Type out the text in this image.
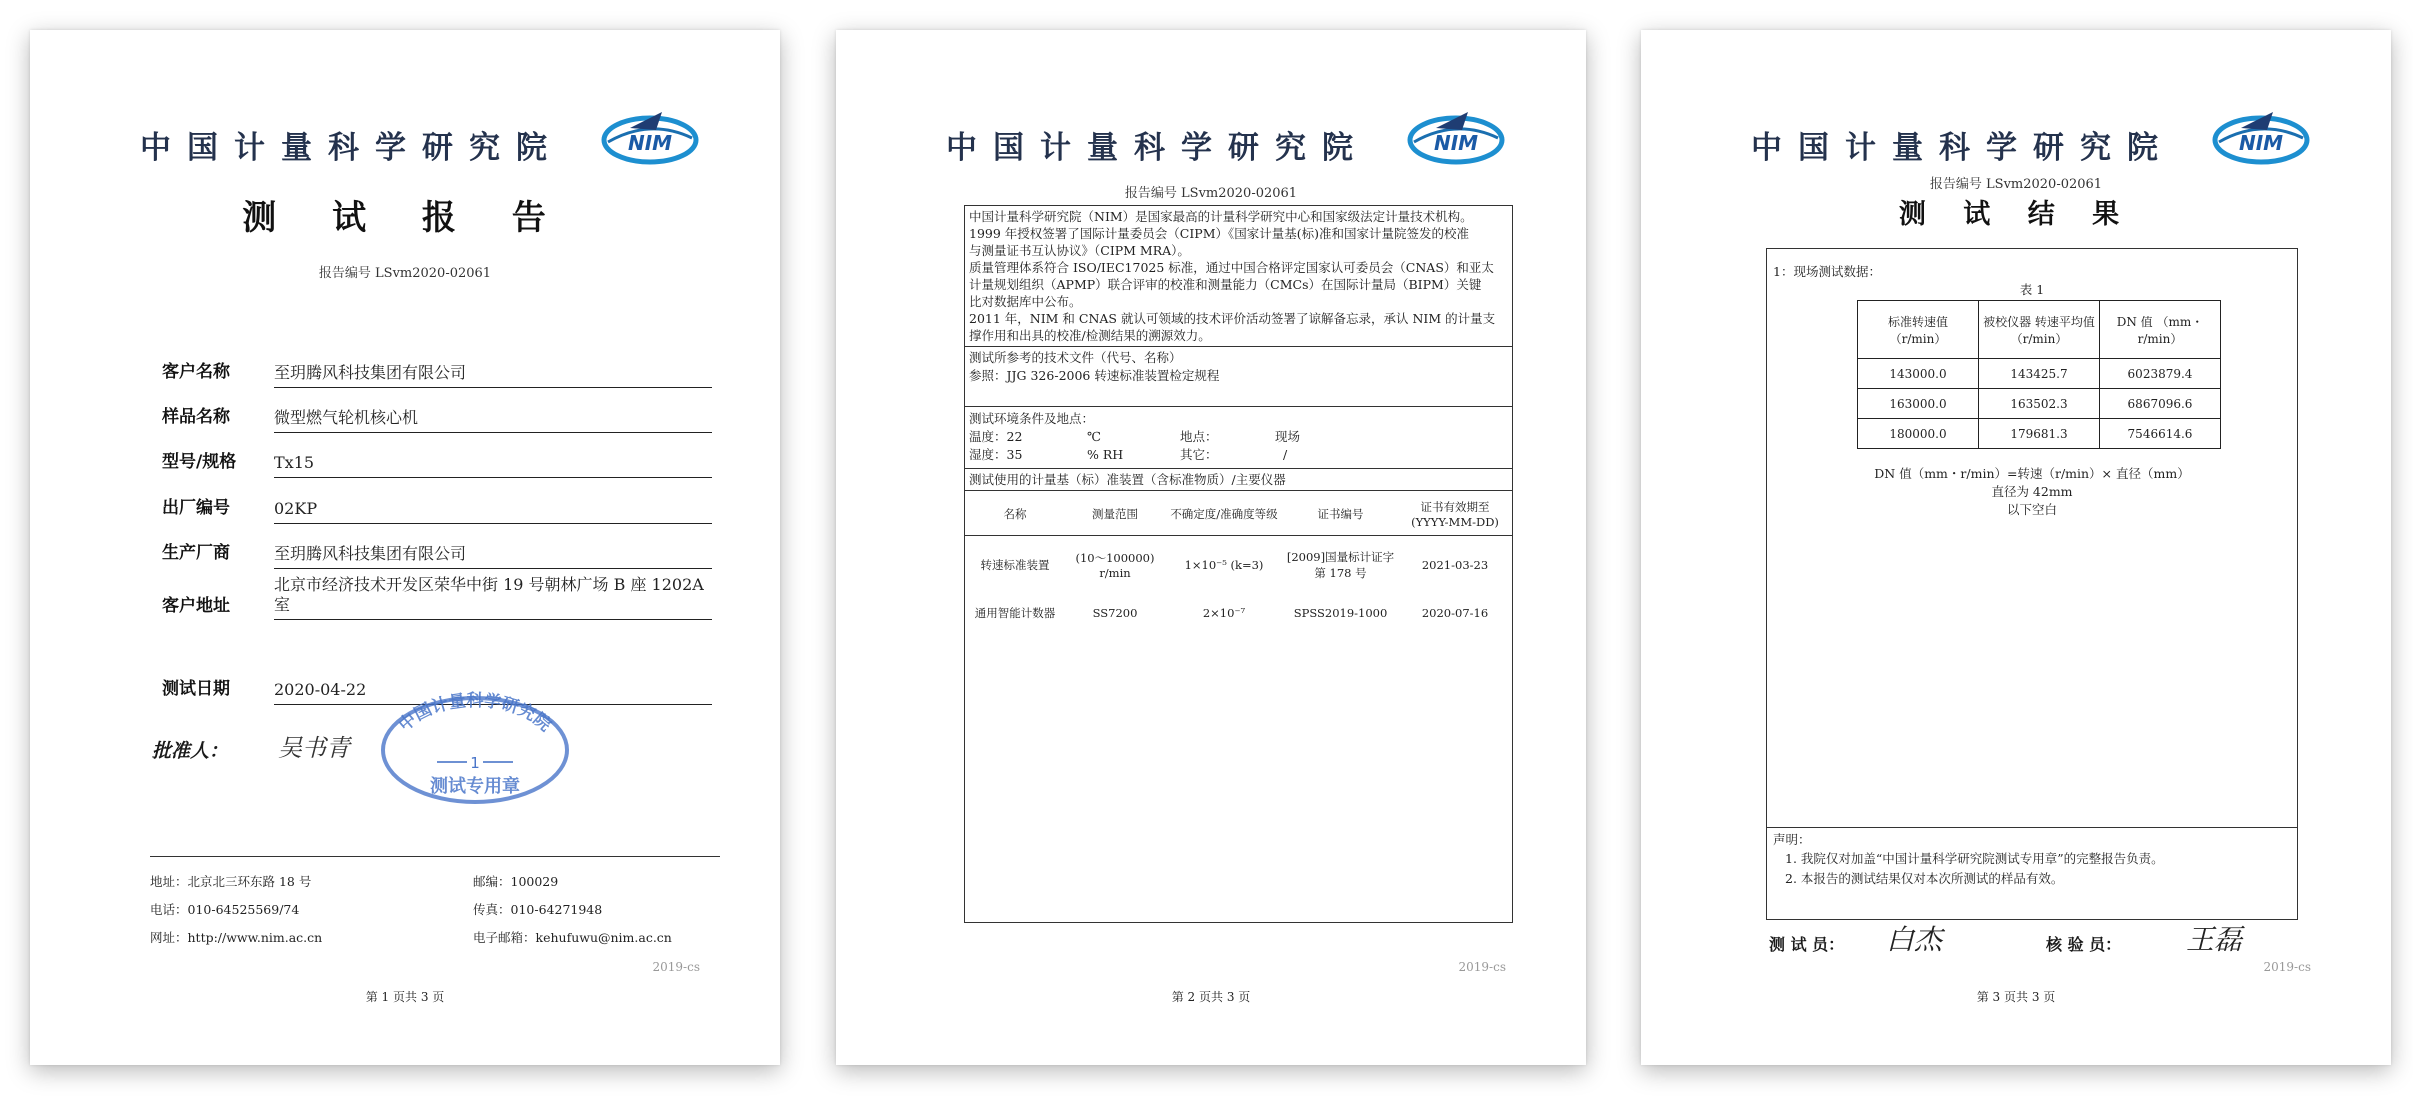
中国计量科学研究院	NIM
测 试 报 告
报告编号 LSvm2020-02061
客户名称	至玥腾风科技集团有限公司
样品名称	微型燃气轮机核心机
型号/规格	Tx15
出厂编号	02KP
生产厂商	至玥腾风科技集团有限公司
客户地址
北京市经济技术开发区荣华中街 19 号朝林广场 B 座 1202A 室
测试日期	2020-04-22
批准人： 吴书青
中国计量科学研究院
1
测试专用章
地址：北京北三环东路 18 号	邮编：100029
电话：010-64525569/74	传真：010-64271948
网址：http://www.nim.ac.cn	电子邮箱：kehufuwu@nim.ac.cn
2019-cs
第 1 页共 3 页
中国计量科学研究院	NIM
报告编号 LSvm2020-02061
中国计量科学研究院（NIM）是国家最高的计量科学研究中心和国家级法定计量技术机构。
1999 年授权签署了国际计量委员会（CIPM）《国家计量基(标)准和国家计量院签发的校准
与测量证书互认协议》（CIPM MRA）。
质量管理体系符合 ISO/IEC17025 标准，通过中国合格评定国家认可委员会（CNAS）和亚太
计量规划组织（APMP）联合评审的校准和测量能力（CMCs）在国际计量局（BIPM）关键
比对数据库中公布。
2011 年，NIM 和 CNAS 就认可领域的技术评价活动签署了谅解备忘录，承认 NIM 的计量支
撑作用和出具的校准/检测结果的溯源效力。
测试所参考的技术文件（代号、名称）
参照：JJG 326-2006 转速标准装置检定规程
测试环境条件及地点：
温度：22	℃	地点：	现场
湿度：35	% RH	其它：	/
测试使用的计量基（标）准装置（含标准物质）/主要仪器
名称	测量范围	不确定度/准确度等级	证书编号	证书有效期至 (YYYY-MM-DD)
转速标准装置	(10～100000) r/min	1×10⁻⁵ (k=3)	[2009]国量标计证字第 178 号	2021-03-23
通用智能计数器	SS7200	2×10⁻⁷	SPSS2019-1000	2020-07-16
2019-cs
第 2 页共 3 页
中国计量科学研究院	NIM
报告编号 LSvm2020-02061
测 试 结 果
1：现场测试数据：
表 1
标准转速值 （r/min）	被校仪器 转速平均值 （r/min）	DN 值 （mm・r/min）
143000.0	143425.7	6023879.4
163000.0	163502.3	6867096.6
180000.0	179681.3	7546614.6
DN 值（mm・r/min）=转速（r/min）× 直径（mm）
直径为 42mm
以下空白
声明：
1. 我院仅对加盖“中国计量科学研究院测试专用章”的完整报告负责。
2. 本报告的测试结果仅对本次所测试的样品有效。
测 试 员： 白杰	核 验 员： 王磊
2019-cs
第 3 页共 3 页
